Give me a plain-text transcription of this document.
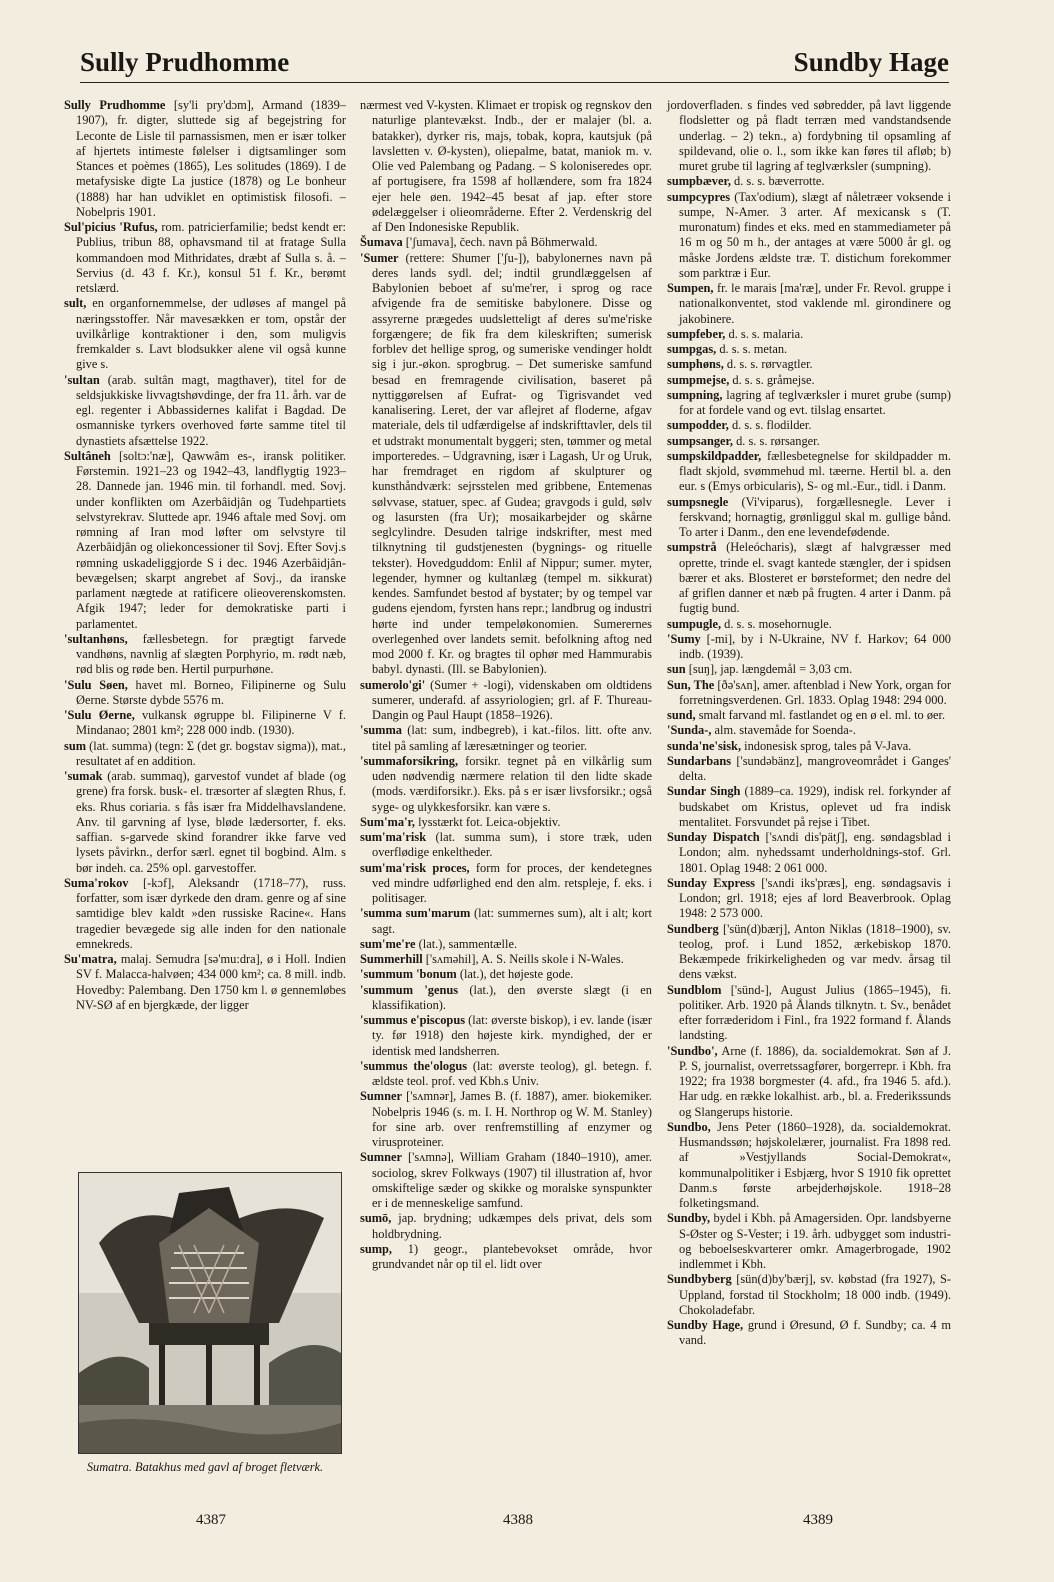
Sully Prudhomme	Sundby Hage

Sully Prudhomme [sy'li pry'dɔm], Armand (1839–1907), fr. digter, sluttede sig af begejstring for Leconte de Lisle til parnassismen, men er især tolker af hjertets intimeste følelser i digtsamlinger som Stances et poèmes (1865), Les solitudes (1869). I de metafysiske digte La justice (1878) og Le bonheur (1888) har han udviklet en optimistisk filosofi. – Nobelpris 1901.

Sul'picius 'Rufus, rom. patricierfamilie; bedst kendt er: Publius, tribun 88, ophavsmand til at fratage Sulla kommandoen mod Mithridates, dræbt af Sulla s. å. – Servius (d. 43 f. Kr.), konsul 51 f. Kr., berømt retslærd.

sult, en organfornemmelse, der udløses af mangel på næringsstoffer. Når mavesækken er tom, opstår der uvilkårlige kontraktioner i den, som muligvis fremkalder s. Lavt blodsukker alene vil også kunne give s.

'sultan (arab. sultân magt, magthaver), titel for de seldsjukkiske livvagtshøvdinge, der fra 11. årh. var de egl. regenter i Abbassidernes kalifat i Bagdad. De osmanniske tyrkers overhoved førte samme titel til dynastiets afsættelse 1922.

Sultâneh [soltɔ:'næ], Qawwâm es-, iransk politiker. Førstemin. 1921–23 og 1942–43, landflygtig 1923–28. Dannede jan. 1946 min. til forhandl. med. Sovj. under konflikten om Azerbâidjân og Tudehpartiets selvstyrekrav. Sluttede apr. 1946 aftale med Sovj. om rømning af Iran mod løfter om selvstyre til Azerbâidjân og oliekoncessioner til Sovj. Efter Sovj.s rømning uskadeliggjorde S i dec. 1946 Azerbâidjân-bevægelsen; skarpt angrebet af Sovj., da iranske parlament nægtede at ratificere olieoverenskomsten. Afgik 1947; leder for demokratiske parti i parlamentet.

'sultanhøns, fællesbetegn. for prægtigt farvede vandhøns, navnlig af slægten Porphyrio, m. rødt næb, rød blis og røde ben. Hertil purpurhøne.

'Sulu Søen, havet ml. Borneo, Filipinerne og Sulu Øerne. Største dybde 5576 m.

'Sulu Øerne, vulkansk øgruppe bl. Filipinerne V f. Mindanao; 2801 km²; 228 000 indb. (1930).

sum (lat. summa) (tegn: Σ (det gr. bogstav sigma)), mat., resultatet af en addition.

'sumak (arab. summaq), garvestof vundet af blade (og grene) fra forsk. busk- el. træsorter af slægten Rhus, f. eks. Rhus coriaria. s fås især fra Middelhavslandene. Anv. til garvning af lyse, bløde lædersorter, f. eks. saffian. s-garvede skind forandrer ikke farve ved lysets påvirkn., derfor særl. egnet til bogbind. Alm. s bør indeh. ca. 25% opl. garvestoffer.

Suma'rokov [-kɔf], Aleksandr (1718–77), russ. forfatter, som især dyrkede den dram. genre og af sine samtidige blev kaldt »den russiske Racine«. Hans tragedier bevægede sig alle inden for den nationale emnekreds.

Su'matra, malaj. Semudra [sə'mu:dra], ø i Holl. Indien SV f. Malacca-halvøen; 434 000 km²; ca. 8 mill. indb. Hovedby: Palembang. Den 1750 km l. ø gennemløbes NV-SØ af en bjergkæde, der ligger

nærmest ved V-kysten. Klimaet er tropisk og regnskov den naturlige plantevækst. Indb., der er malajer (bl. a. batakker), dyrker ris, majs, tobak, kopra, kautsjuk (på lavsletten v. Ø-kysten), oliepalme, batat, maniok m. v. Olie ved Palembang og Padang. – S koloniseredes opr. af portugisere, fra 1598 af hollændere, som fra 1824 ejer hele øen. 1942–45 besat af jap. efter store ødelæggelser i olieområderne. Efter 2. Verdenskrig del af Den Indonesiske Republik.

Šumava ['ʃumava], čech. navn på Böhmerwald.

'Sumer (rettere: Shumer ['ʃu-]), babylonernes navn på deres lands sydl. del; indtil grundlæggelsen af Babylonien beboet af su'me'rer, i sprog og race afvigende fra de semitiske babylonere. Disse og assyrerne prægedes uudsletteligt af deres su'me'riske forgængere; de fik fra dem kileskriften; sumerisk forblev det hellige sprog, og sumeriske vendinger holdt sig i jur.-økon. sprogbrug. – Det sumeriske samfund besad en fremragende civilisation, baseret på nyttiggørelsen af Eufrat- og Tigrisvandet ved kanalisering. Leret, der var aflejret af floderne, afgav materiale, dels til udfærdigelse af indskrifttavler, dels til et udstrakt monumentalt byggeri; sten, tømmer og metal importeredes. – Udgravning, især i Lagash, Ur og Uruk, har fremdraget en rigdom af skulpturer og kunsthåndværk: sejrsstelen med gribbene, Entemenas sølvvase, statuer, spec. af Gudea; gravgods i guld, sølv og lasursten (fra Ur); mosaikarbejder og skårne seglcylindre. Desuden talrige indskrifter, mest med tilknytning til gudstjenesten (bygnings- og rituelle tekster). Hovedguddom: Enlil af Nippur; sumer. myter, legender, hymner og kultanlæg (tempel m. sikkurat) kendes. Samfundet bestod af bystater; by og tempel var gudens ejendom, fyrsten hans repr.; landbrug og industri hørte ind under tempeløkonomien. Sumerernes overlegenhed over landets semit. befolkning aftog ned mod 2000 f. Kr. og bragtes til ophør med Hammurabis babyl. dynasti. (Ill. se Babylonien).

sumerolo'gi' (Sumer + -logi), videnskaben om oldtidens sumerer, underafd. af assyriologien; grl. af F. Thureau-Dangin og Paul Haupt (1858–1926).

'summa (lat: sum, indbegreb), i kat.-filos. litt. ofte anv. titel på samling af læresætninger og teorier.

'summaforsikring, forsikr. tegnet på en vilkårlig sum uden nødvendig nærmere relation til den lidte skade (mods. værdiforsikr.). Eks. på s er især livsforsikr.; også syge- og ulykkesforsikr. kan være s.

Sum'ma'r, lysstærkt fot. Leica-objektiv.

sum'ma'risk (lat. summa sum), i store træk, uden overflødige enkeltheder.

sum'ma'risk proces, form for proces, der kendetegnes ved mindre udførlighed end den alm. retspleje, f. eks. i politisager.

'summa sum'marum (lat: summernes sum), alt i alt; kort sagt.

sum'me're (lat.), sammentælle.

Summerhill ['sʌməhil], A. S. Neills skole i N-Wales.

'summum 'bonum (lat.), det højeste gode.

'summum 'genus (lat.), den øverste slægt (i en klassifikation).

'summus e'piscopus (lat: øverste biskop), i ev. lande (især ty. før 1918) den højeste kirk. myndighed, der er identisk med landsherren.

'summus the'ologus (lat: øverste teolog), gl. betegn. f. ældste teol. prof. ved Kbh.s Univ.

Sumner ['sʌmnər], James B. (f. 1887), amer. biokemiker. Nobelpris 1946 (s. m. I. H. Northrop og W. M. Stanley) for sine arb. over renfremstilling af enzymer og virusproteiner.

Sumner ['sʌmnə], William Graham (1840–1910), amer. sociolog, skrev Folkways (1907) til illustration af, hvor omskiftelige sæder og skikke og moralske synspunkter er i de menneskelige samfund.

sumō, jap. brydning; udkæmpes dels privat, dels som holdbrydning.

sump, 1) geogr., plantebevokset område, hvor grundvandet når op til el. lidt over

jordoverfladen. s findes ved søbredder, på lavt liggende flodsletter og på fladt terræn med vandstandsende underlag. – 2) tekn., a) fordybning til opsamling af spildevand, olie o. l., som ikke kan føres til afløb; b) muret grube til lagring af teglværksler (sumpning).

sumpbæver, d. s. s. bæverrotte.

sumpcypres (Tax'odium), slægt af nåletræer voksende i sumpe, N-Amer. 3 arter. Af mexicansk s (T. muronatum) findes et eks. med en stammediameter på 16 m og 50 m h., der antages at være 5000 år gl. og måske Jordens ældste træ. T. distichum forekommer som parktræ i Eur.

Sumpen, fr. le marais [ma'ræ], under Fr. Revol. gruppe i nationalkonventet, stod vaklende ml. girondinere og jakobinere.

sumpfeber, d. s. s. malaria.

sumpgas, d. s. s. metan.

sumphøns, d. s. s. rørvagtler.

sumpmejse, d. s. s. gråmejse.

sumpning, lagring af teglværksler i muret grube (sump) for at fordele vand og evt. tilslag ensartet.

sumpodder, d. s. s. flodilder.

sumpsanger, d. s. s. rørsanger.

sumpskildpadder, fællesbetegnelse for skildpadder m. fladt skjold, svømmehud ml. tæerne. Hertil bl. a. den eur. s (Emys orbicularis), S- og ml.-Eur., tidl. i Danm.

sumpsnegle (Vi'viparus), forgællesnegle. Lever i ferskvand; hornagtig, grønliggul skal m. gullige bånd. To arter i Danm., den ene levendefødende.

sumpstrå (Heleócharis), slægt af halvgræsser med oprette, trinde el. svagt kantede stængler, der i spidsen bærer et aks. Blosteret er børsteformet; den nedre del af griflen danner et næb på frugten. 4 arter i Danm. på fugtig bund.

sumpugle, d. s. s. mosehornugle.

'Sumy [-mi], by i N-Ukraine, NV f. Harkov; 64 000 indb. (1939).

sun [suŋ], jap. længdemål = 3,03 cm.

Sun, The [ðə'sʌn], amer. aftenblad i New York, organ for forretningsverdenen. Grl. 1833. Oplag 1948: 294 000.

sund, smalt farvand ml. fastlandet og en ø el. ml. to øer.

'Sunda-, alm. stavemåde for Soenda-.

sunda'ne'sisk, indonesisk sprog, tales på V-Java.

Sundarbans ['sundəbänz], mangroveområdet i Ganges' delta.

Sundar Singh (1889–ca. 1929), indisk rel. forkynder af budskabet om Kristus, oplevet ud fra indisk mentalitet. Forsvundet på rejse i Tibet.

Sunday Dispatch ['sʌndi dis'pätʃ], eng. søndagsblad i London; alm. nyhedssamt underholdnings-stof. Grl. 1801. Oplag 1948: 2 061 000.

Sunday Express ['sʌndi iks'præs], eng. søndagsavis i London; grl. 1918; ejes af lord Beaverbrook. Oplag 1948: 2 573 000.

Sundberg ['sün(d)bærj], Anton Niklas (1818–1900), sv. teolog, prof. i Lund 1852, ærkebiskop 1870. Bekæmpede frikirkeligheden og var medv. årsag til dens vækst.

Sundblom ['sünd-], August Julius (1865–1945), fi. politiker. Arb. 1920 på Ålands tilknytn. t. Sv., benådet efter forræderidom i Finl., fra 1922 formand f. Ålands landsting.

'Sundbo', Arne (f. 1886), da. socialdemokrat. Søn af J. P. S, journalist, overretssagfører, borgerrepr. i Kbh. fra 1922; fra 1938 borgmester (4. afd., fra 1946 5. afd.). Har udg. en række lokalhist. arb., bl. a. Frederikssunds og Slangerups historie.

Sundbo, Jens Peter (1860–1928), da. socialdemokrat. Husmandssøn; højskolelærer, journalist. Fra 1898 red. af »Vestjyllands Social-Demokrat«, kommunalpolitiker i Esbjærg, hvor S 1910 fik oprettet Danm.s første arbejderhøjskole. 1918–28 folketingsmand.

Sundby, bydel i Kbh. på Amagersiden. Opr. landsbyerne S-Øster og S-Vester; i 19. årh. udbygget som industri- og beboelseskvarterer omkr. Amagerbrogade, 1902 indlemmet i Kbh.

Sundbyberg [sün(d)by'bærj], sv. købstad (fra 1927), S-Uppland, forstad til Stockholm; 18 000 indb. (1949). Chokoladefabr.

Sundby Hage, grund i Øresund, Ø f. Sundby; ca. 4 m vand.

Sumatra. Batakhus med gavl af broget fletværk.
4387	4388	4389
